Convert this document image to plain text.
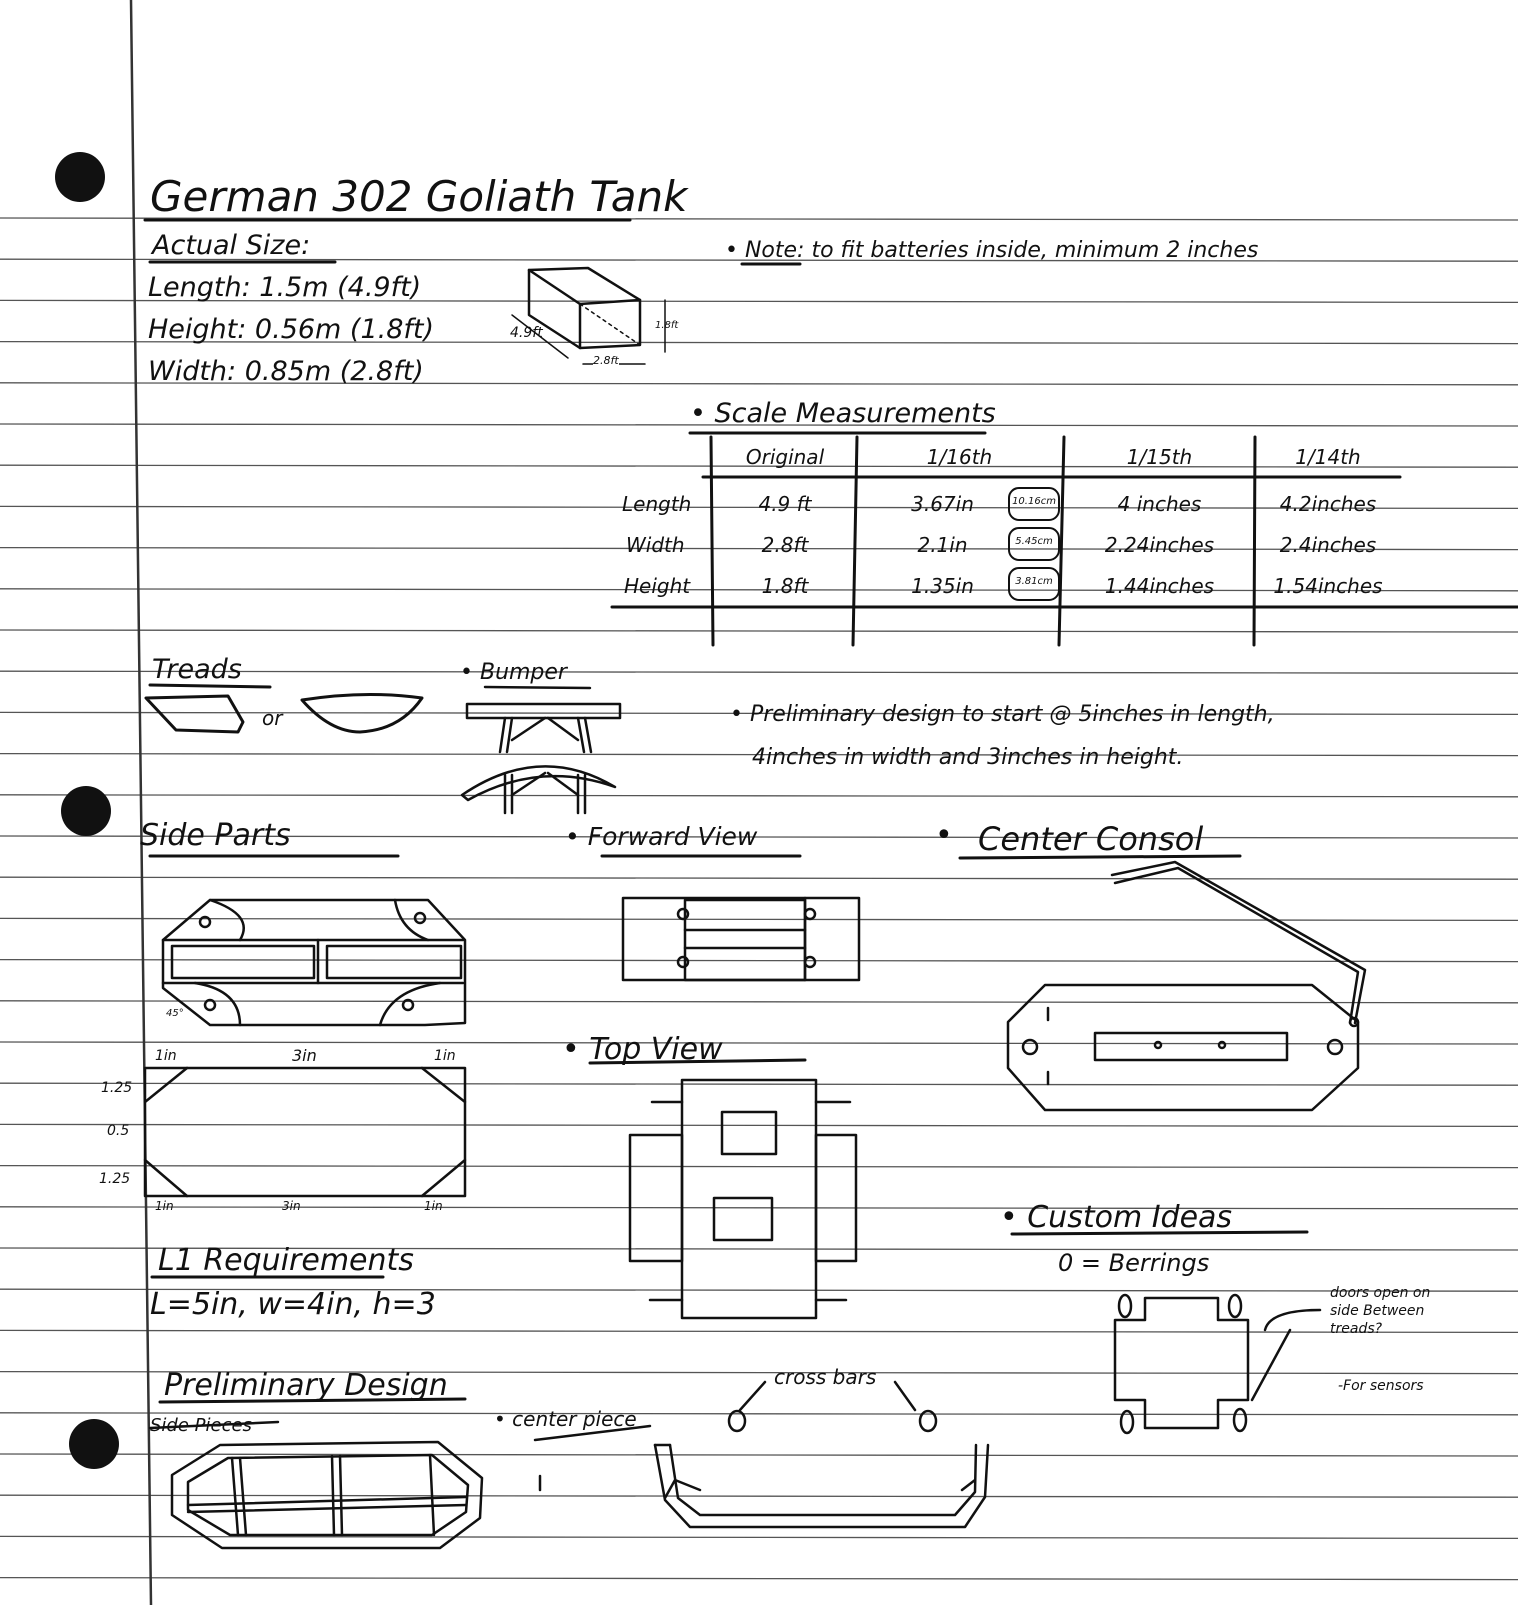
German 302 Goliath Tank
Actual Size:
Length: 1.5m (4.9ft)
Height: 0.56m (1.8ft)
Width: 0.85m (2.8ft)
4.9ft	1.8ft
2.8ft
• Note: to fit batteries inside, minimum 2 inches
• Scale Measurements
Original	1/16th	1/15th	1/14th
Length	4.9 ft	3.67in	10.16cm	4 inches	4.2inches
Width	2.8ft	2.1in	5.45cm	2.24inches	2.4inches
Height	1.8ft	1.35in	3.81cm	1.44inches	1.54inches
Treads
or
• Bumper
• Preliminary design to start @ 5inches in length,
4inches in width and 3inches in height.
Side Parts
45°
1in	3in	1in
1.25
0.5
1.25
1in	3in	1in
• Forward View	• Center Consol
• Top View
• Custom Ideas
0 = Berrings
doors open on side Between treads?
-For sensors
L1 Requirements
L=5in, w=4in, h=3
Preliminary Design
Side Pieces	• center piece
cross bars
